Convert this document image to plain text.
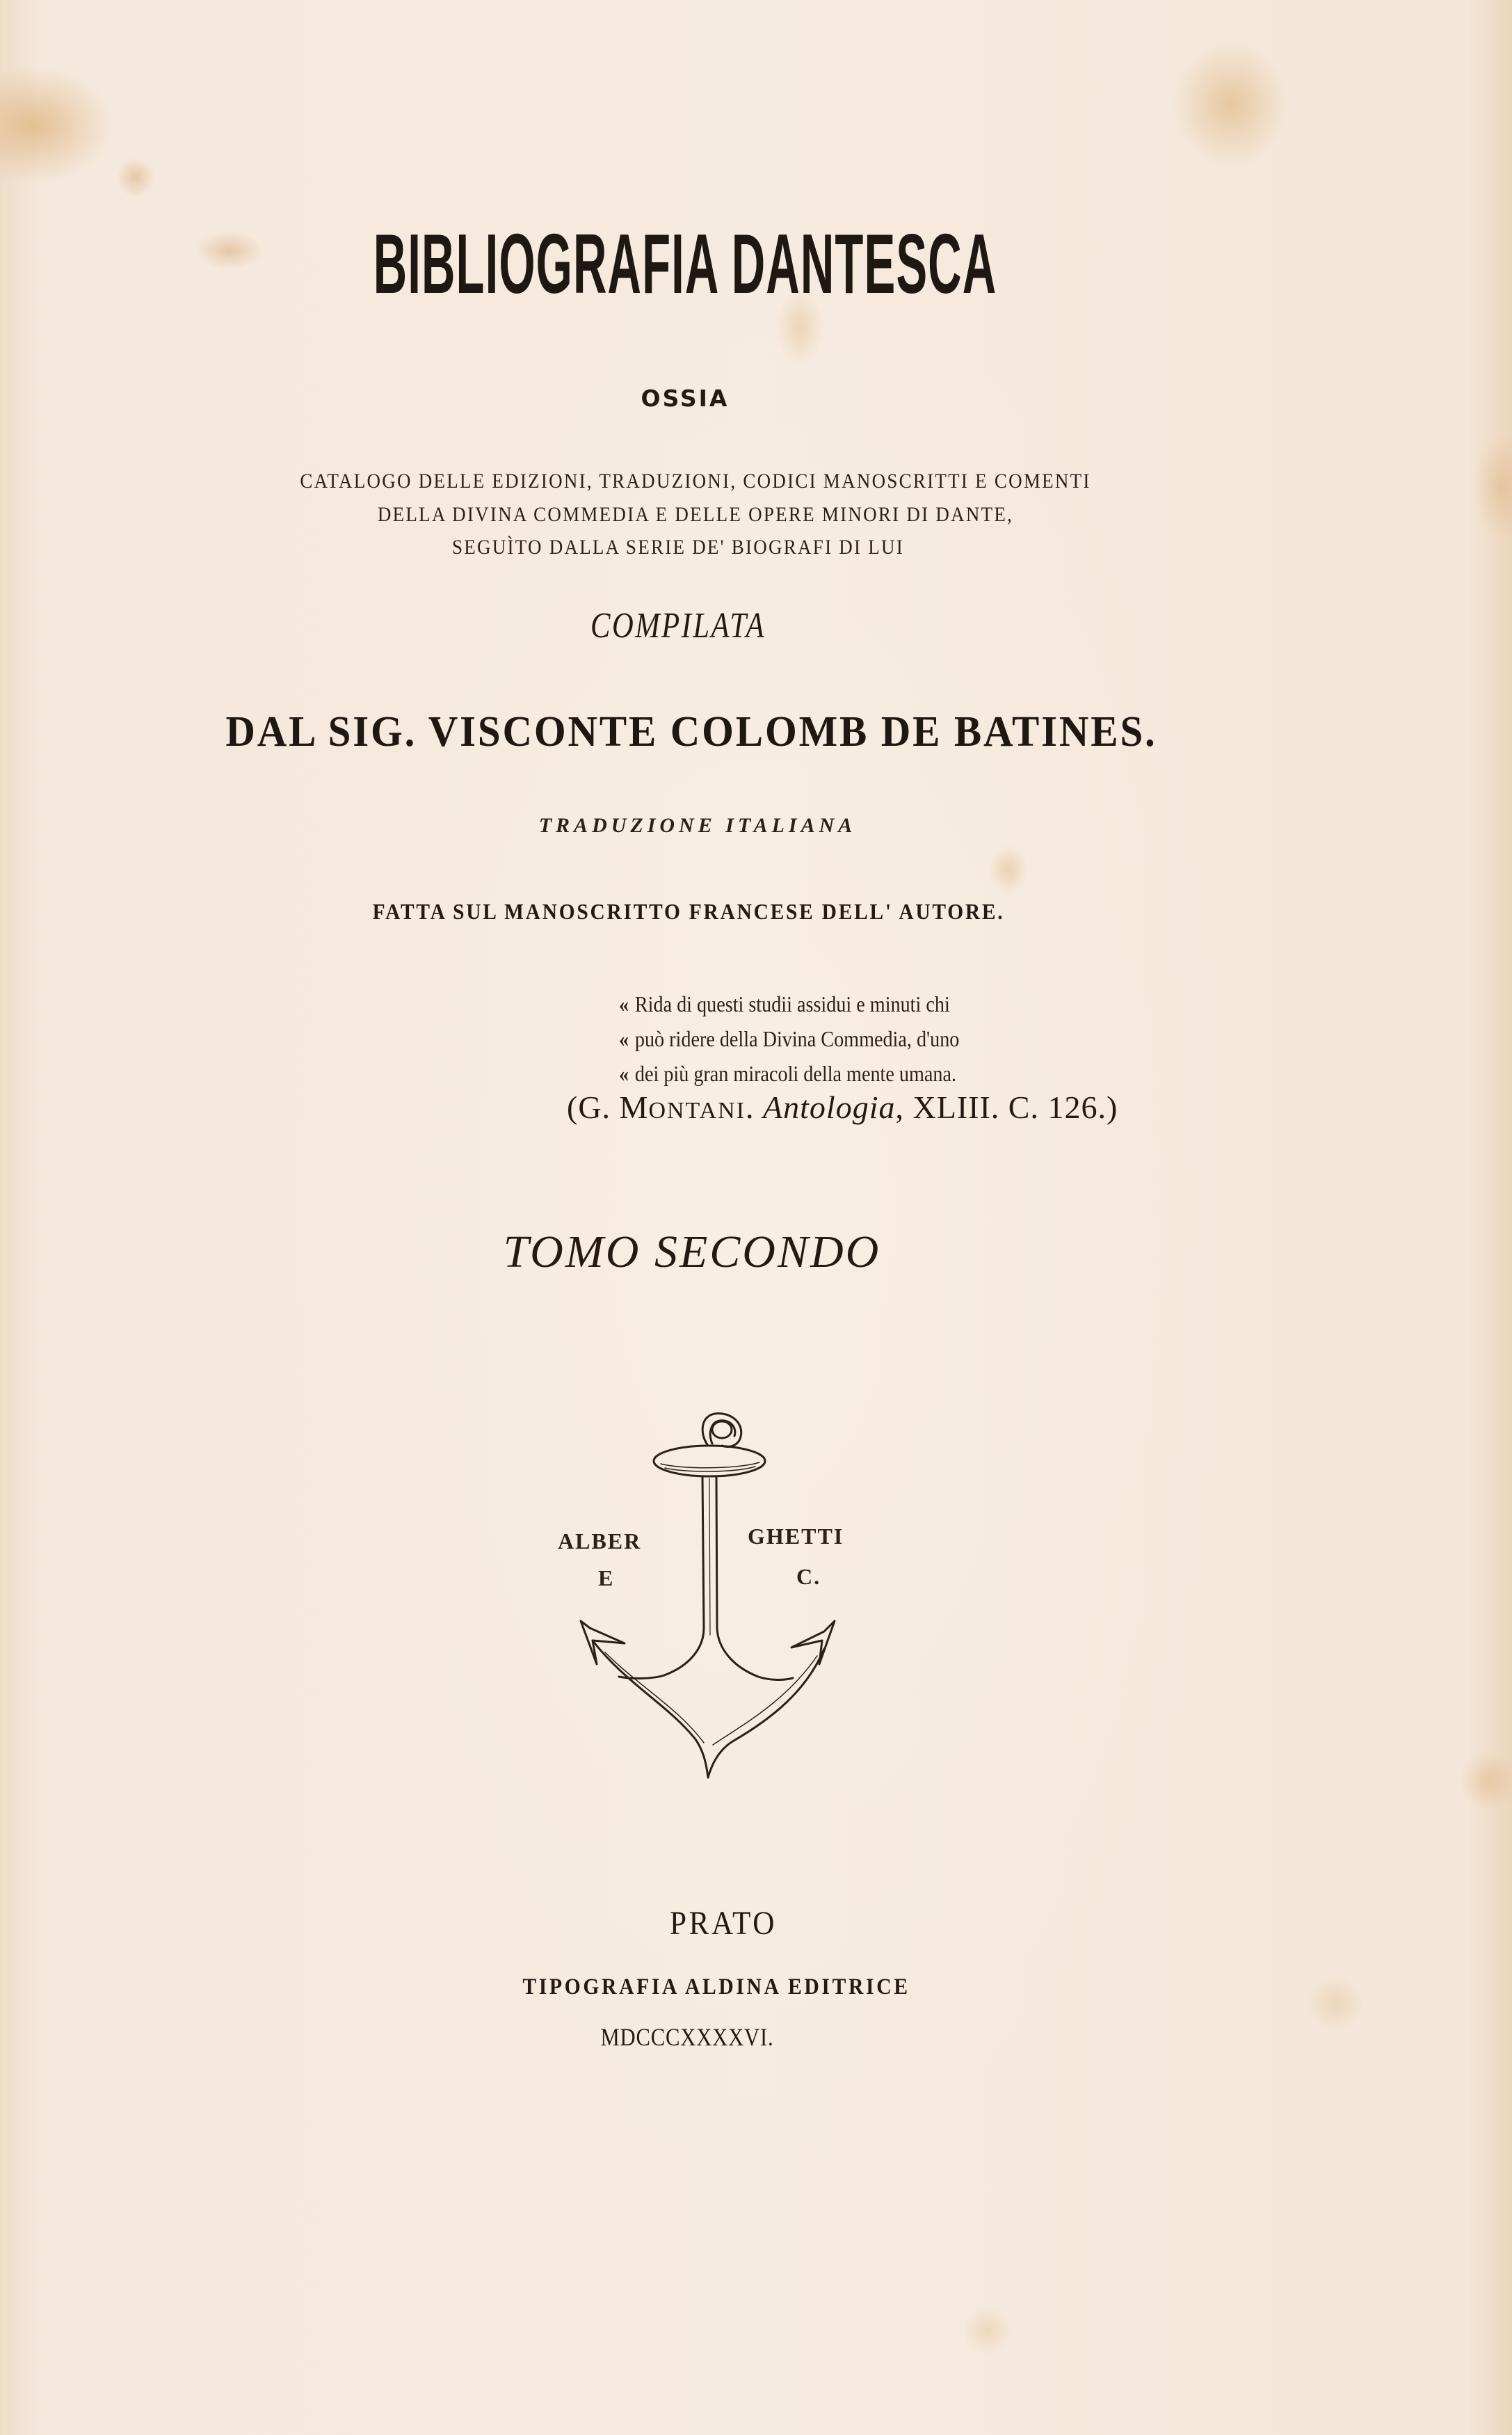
BIBLIOGRAFIA DANTESCA
OSSIA
CATALOGO DELLE EDIZIONI, TRADUZIONI, CODICI MANOSCRITTI E COMENTI
DELLA DIVINA COMMEDIA E DELLE OPERE MINORI DI DANTE,
SEGUÌTO DALLA SERIE DE' BIOGRAFI DI LUI
COMPILATA
DAL SIG. VISCONTE COLOMB DE BATINES.
TRADUZIONE ITALIANA
FATTA SUL MANOSCRITTO FRANCESE DELL' AUTORE.
« Rida di questi studii assidui e minuti chi
« può ridere della Divina Commedia, d'uno
« dei più gran miracoli della mente umana.
(G. MONTANI. Antologia, XLIII. C. 126.)
TOMO SECONDO
ALBER
E
GHETTI
C.
PRATO
TIPOGRAFIA ALDINA EDITRICE
MDCCCXXXXVI.
